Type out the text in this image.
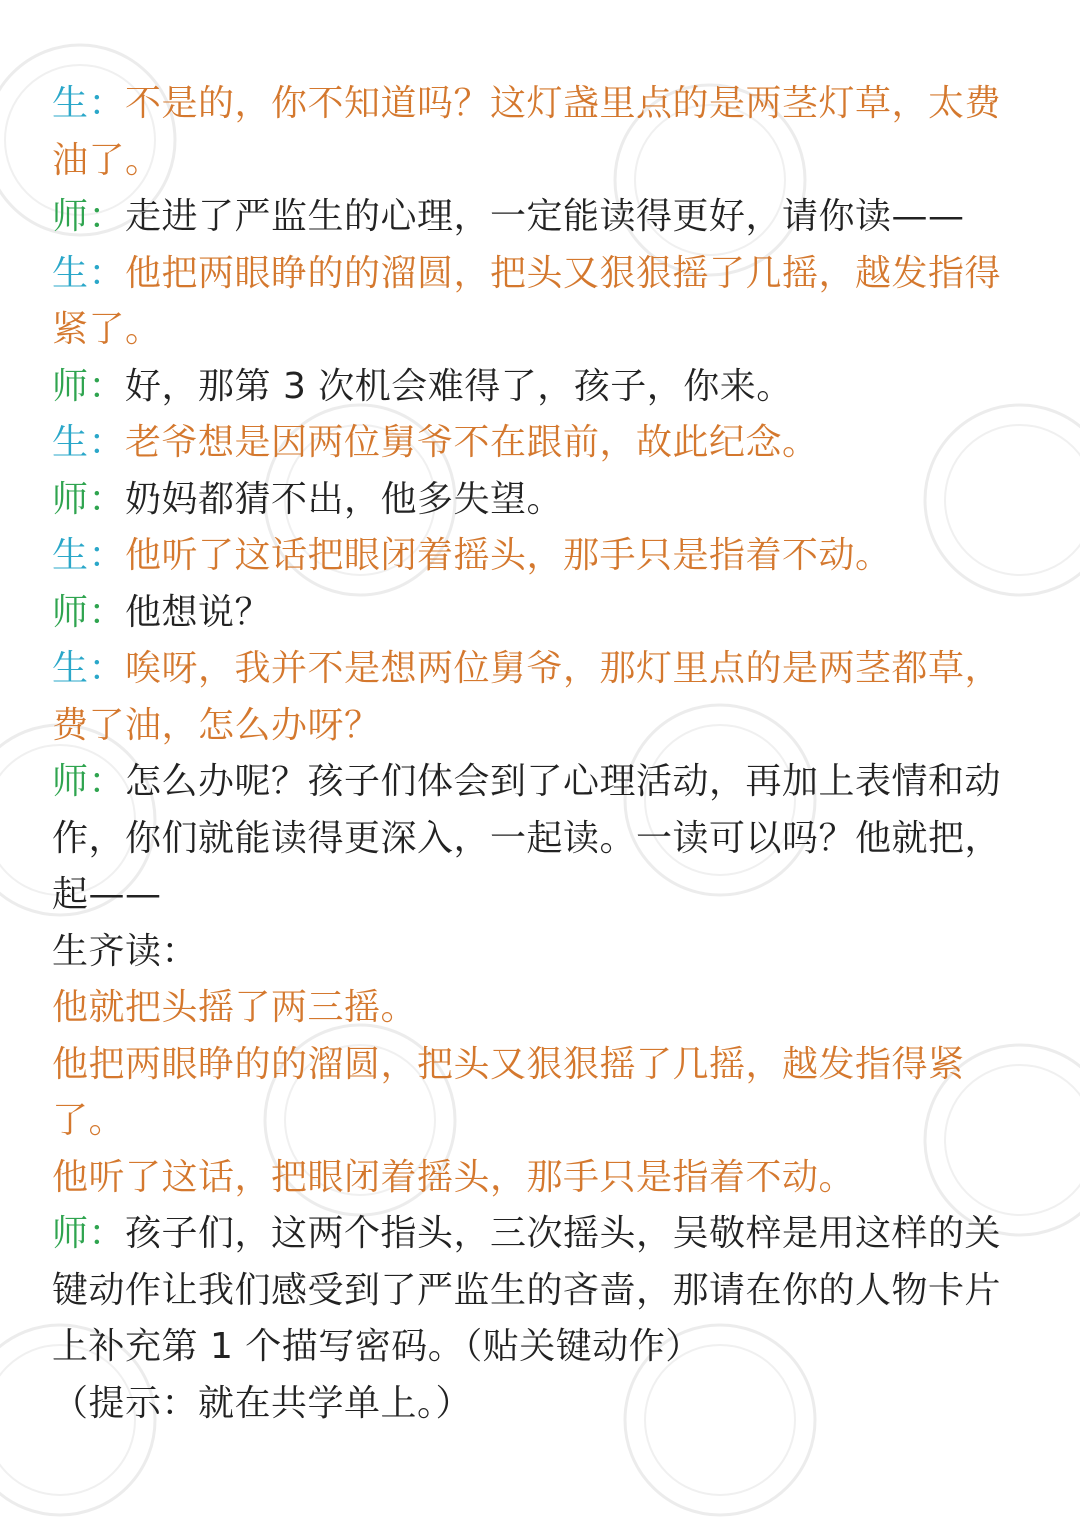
生：不是的，你不知道吗？这灯盏里点的是两茎灯草，太费油了。
师：走进了严监生的心理，一定能读得更好，请你读——
生：他把两眼睁的的溜圆，把头又狠狠摇了几摇，越发指得紧了。
师：好，那第 3 次机会难得了，孩子，你来。
生：老爷想是因两位舅爷不在跟前，故此纪念。
师：奶妈都猜不出，他多失望。
生：他听了这话把眼闭着摇头，那手只是指着不动。
师：他想说？
生：唉呀，我并不是想两位舅爷，那灯里点的是两茎都草，费了油，怎么办呀？
师：怎么办呢？孩子们体会到了心理活动，再加上表情和动作，你们就能读得更深入，一起读。一读可以吗？他就把，起——
生齐读：
他就把头摇了两三摇。
他把两眼睁的的溜圆，把头又狠狠摇了几摇，越发指得紧了。
他听了这话，把眼闭着摇头，那手只是指着不动。
师：孩子们，这两个指头，三次摇头，吴敬梓是用这样的关键动作让我们感受到了严监生的吝啬，那请在你的人物卡片上补充第 1 个描写密码。（贴关键动作）
（提示：就在共学单上。）
